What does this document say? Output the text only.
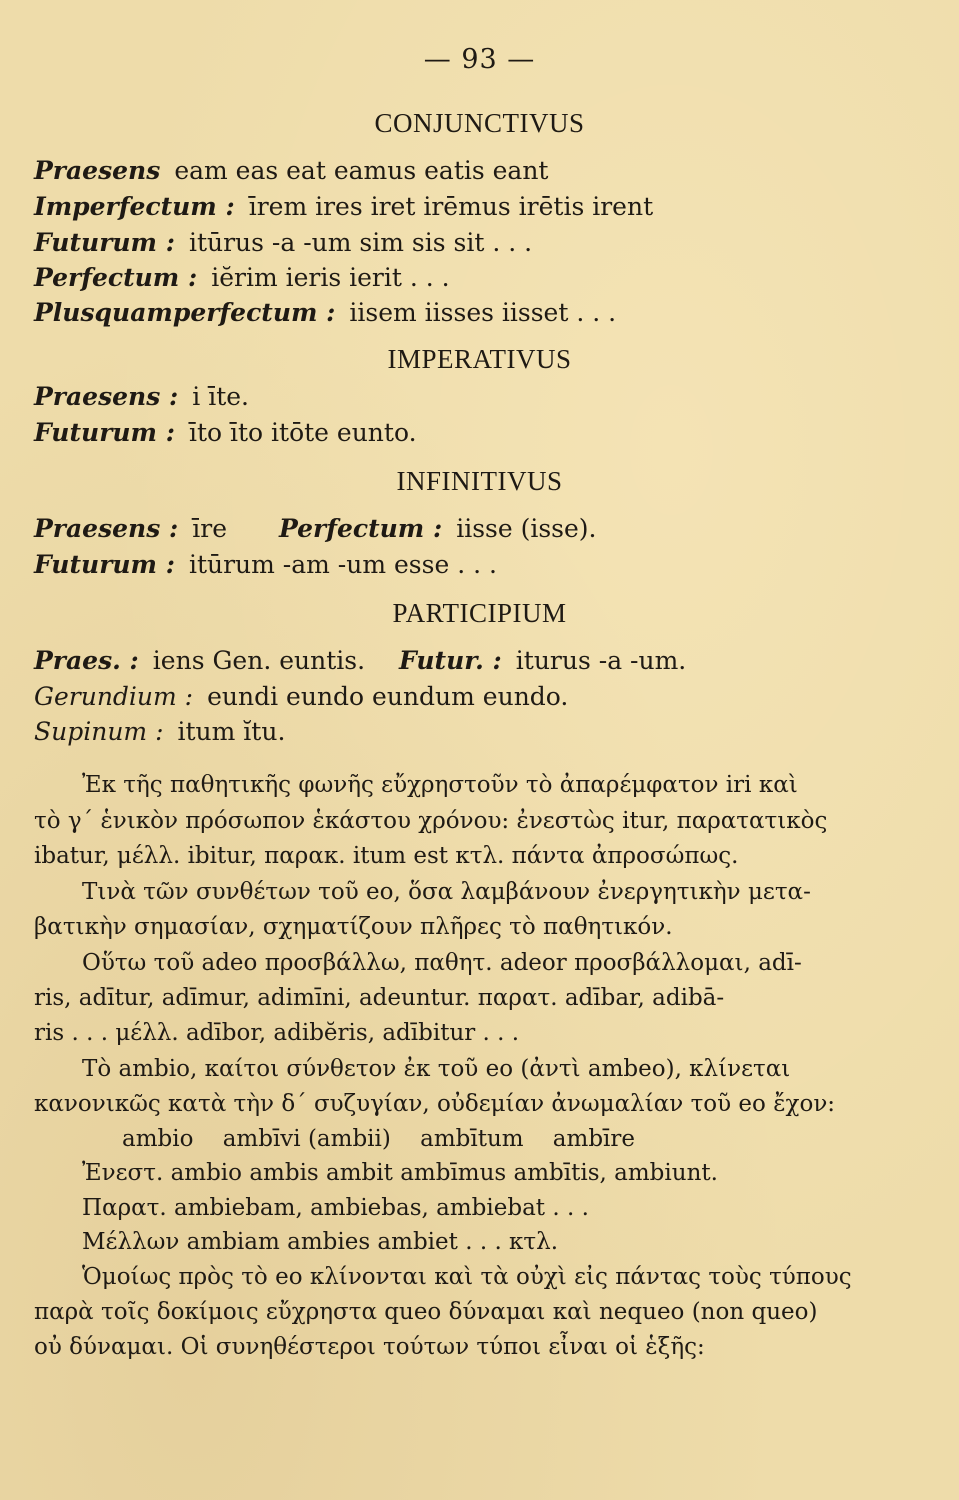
— 93 —
CONJUNCTIVUS
Praesens eam eas eat eamus eatis eant
Imperfectum : īrem ires iret irēmus irētis irent
Futurum : itūrus -a -um sim sis sit . . .
Perfectum : iĕrim ieris ierit . . .
Plusquamperfectum : iisem iisses iisset . . .
IMPERATIVUS
Praesens : i īte.
Futurum : īto īto itōte eunto.
INFINITIVUS
Praesens : īre Perfectum : iisse (isse).
Futurum : itūrum -am -um esse . . .
PARTICIPIUM
Praes. : iens Gen. euntis. Futur. : iturus -a -um.
Gerundium : eundi eundo eundum eundo.
Supinum : itum ĭtu.
Ἐκ τῆς παθητικῆς φωνῆς εὔχρηστοῦν τὸ ἀπαρέμφατον iri καὶ
τὸ γ΄ ἑνικὸν πρόσωπον ἑκάστου χρόνου: ἐνεστὼς itur, παρατατικὸς
ibatur, μέλλ. ibitur, παρακ. itum est κτλ. πάντα ἀπροσώπως.
Τινὰ τῶν συνθέτων τοῦ eo, ὅσα λαμβάνουν ἐνεργητικὴν μετα-
βατικὴν σημασίαν, σχηματίζουν πλῆρες τὸ παθητικόν.
Οὕτω τοῦ adeo προσβάλλω, παθητ. adeor προσβάλλομαι, adī-
ris, adītur, adīmur, adimīni, adeuntur. παρατ. adībar, adibā-
ris . . . μέλλ. adībor, adibĕris, adībitur . . .
Τὸ ambio, καίτοι σύνθετον ἐκ τοῦ eo (ἀντὶ ambeo), κλίνεται
κανονικῶς κατὰ τὴν δ΄ συζυγίαν, οὐδεμίαν ἀνωμαλίαν τοῦ eo ἔχον:
ambio    ambīvi (ambii)    ambītum    ambīre
Ἐνεστ. ambio ambis ambit ambīmus ambītis, ambiunt.
Παρατ. ambiebam, ambiebas, ambiebat . . .
Μέλλων ambiam ambies ambiet . . . κτλ.
Ὁμοίως πρὸς τὸ eo κλίνονται καὶ τὰ οὐχὶ εἰς πάντας τοὺς τύπους
παρὰ τοῖς δοκίμοις εὔχρηστα queo δύναμαι καὶ nequeo (non queo)
οὐ δύναμαι. Οἱ συνηθέστεροι τούτων τύποι εἶναι οἱ ἑξῆς:
